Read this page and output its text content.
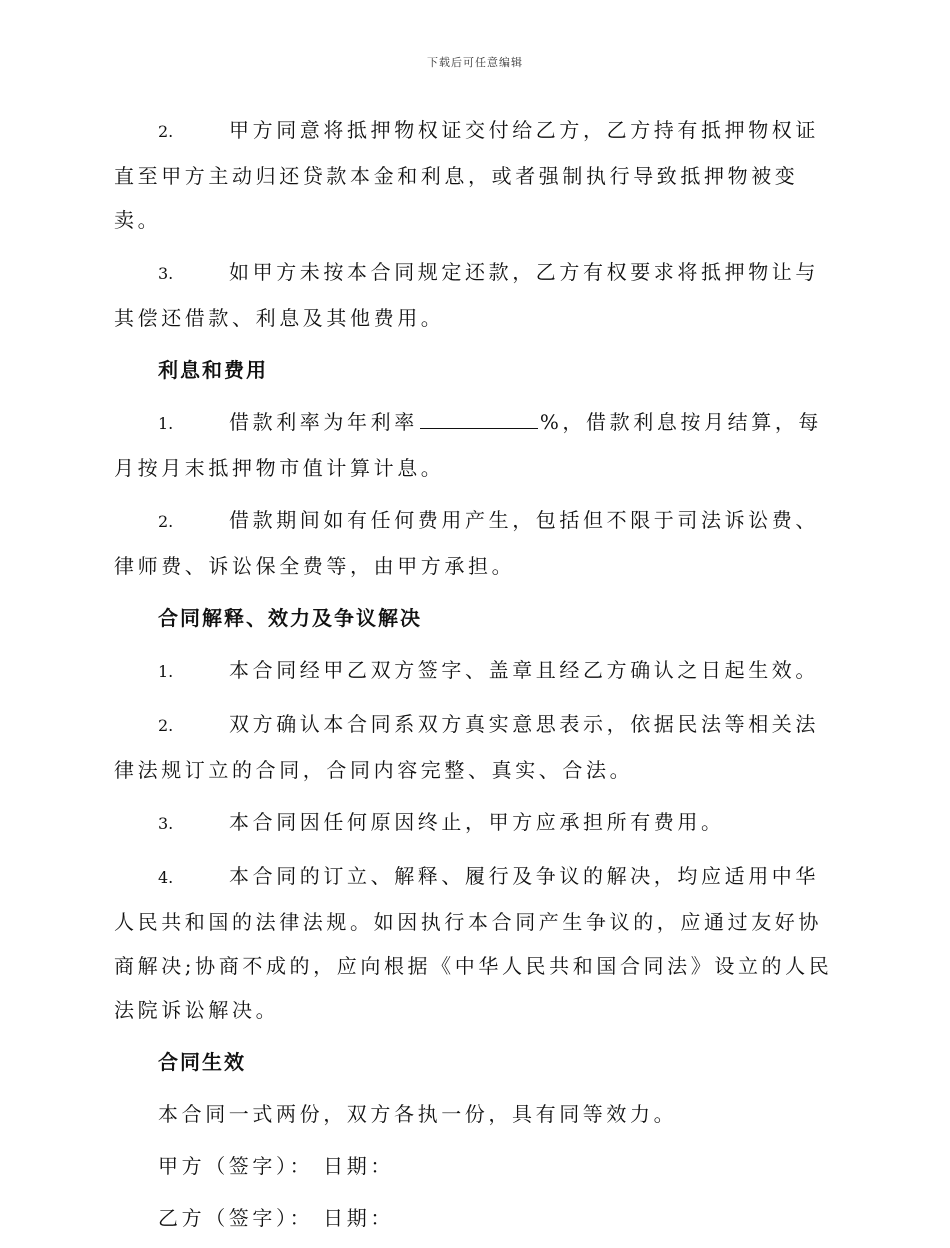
下载后可任意编辑

2.	甲方同意将抵押物权证交付给乙方，乙方持有抵押物权证直至甲方主动归还贷款本金和利息，或者强制执行导致抵押物被变卖。

3.	如甲方未按本合同规定还款，乙方有权要求将抵押物让与其偿还借款、利息及其他费用。

利息和费用

1.	借款利率为年利率	%，借款利息按月结算，每月按月末抵押物市值计算计息。

2.	借款期间如有任何费用产生，包括但不限于司法诉讼费、律师费、诉讼保全费等，由甲方承担。

合同解释、效力及争议解决

1.	本合同经甲乙双方签字、盖章且经乙方确认之日起生效。

2.	双方确认本合同系双方真实意思表示，依据民法等相关法律法规订立的合同，合同内容完整、真实、合法。

3.	本合同因任何原因终止，甲方应承担所有费用。

4.	本合同的订立、解释、履行及争议的解决，均应适用中华人民共和国的法律法规。如因执行本合同产生争议的，应通过友好协商解决;协商不成的，应向根据《中华人民共和国合同法》设立的人民法院诉讼解决。

合同生效

本合同一式两份，双方各执一份，具有同等效力。

甲方（签字）： 日期：

乙方（签字）： 日期：
